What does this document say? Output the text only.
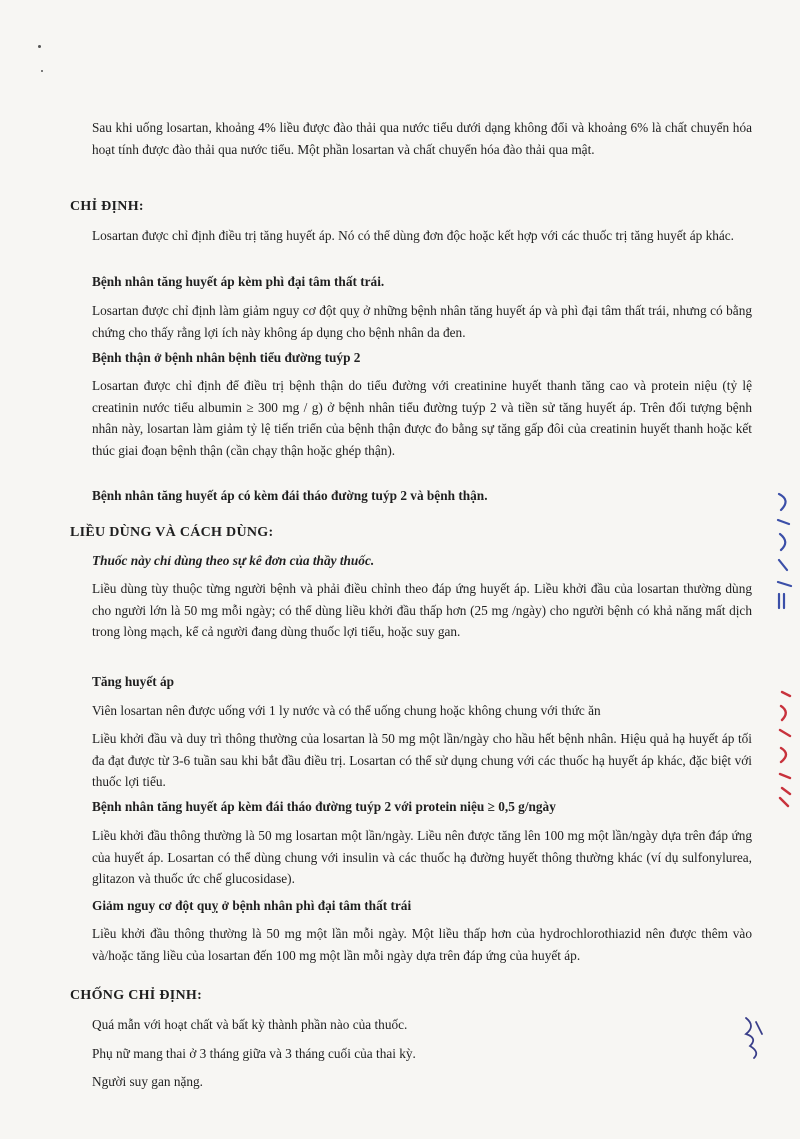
Sau khi uống losartan, khoảng 4% liều được đào thải qua nước tiểu dưới dạng không đổi và khoảng 6% là chất chuyển hóa hoạt tính được đào thải qua nước tiểu. Một phần losartan và chất chuyển hóa đào thải qua mật.

CHỈ ĐỊNH:

Losartan được chỉ định điều trị tăng huyết áp. Nó có thể dùng đơn độc hoặc kết hợp với các thuốc trị tăng huyết áp khác.

Bệnh nhân tăng huyết áp kèm phì đại tâm thất trái.

Losartan được chỉ định làm giảm nguy cơ đột quỵ ở những bệnh nhân tăng huyết áp và phì đại tâm thất trái, nhưng có bằng chứng cho thấy rằng lợi ích này không áp dụng cho bệnh nhân da đen.

Bệnh thận ở bệnh nhân bệnh tiểu đường tuýp 2

Losartan được chỉ định để điều trị bệnh thận do tiểu đường với creatinine huyết thanh tăng cao và protein niệu (tỷ lệ creatinin nước tiểu albumin ≥ 300 mg / g) ở bệnh nhân tiểu đường tuýp 2 và tiền sử tăng huyết áp. Trên đối tượng bệnh nhân này, losartan làm giảm tỷ lệ tiến triển của bệnh thận được đo bằng sự tăng gấp đôi của creatinin huyết thanh hoặc kết thúc giai đoạn bệnh thận (cần chạy thận hoặc ghép thận).

Bệnh nhân tăng huyết áp có kèm đái tháo đường tuýp 2 và bệnh thận.
LIỀU DÙNG VÀ CÁCH DÙNG:
Thuốc này chỉ dùng theo sự kê đơn của thầy thuốc.

Liều dùng tùy thuộc từng người bệnh và phải điều chỉnh theo đáp ứng huyết áp. Liều khởi đầu của losartan thường dùng cho người lớn là 50 mg mỗi ngày; có thể dùng liều khởi đầu thấp hơn (25 mg /ngày) cho người bệnh có khả năng mất dịch trong lòng mạch, kể cả người đang dùng thuốc lợi tiểu, hoặc suy gan.

Tăng huyết áp
Viên losartan nên được uống với 1 ly nước và có thể uống chung hoặc không chung với thức ăn

Liều khởi đầu và duy trì thông thường của losartan là 50 mg một lần/ngày cho hầu hết bệnh nhân. Hiệu quả hạ huyết áp tối đa đạt được từ 3-6 tuần sau khi bắt đầu điều trị. Losartan có thể sử dụng chung với các thuốc hạ huyết áp khác, đặc biệt với thuốc lợi tiểu.

Bệnh nhân tăng huyết áp kèm đái tháo đường tuýp 2 với protein niệu ≥ 0,5 g/ngày

Liều khởi đầu thông thường là 50 mg losartan một lần/ngày. Liều nên được tăng lên 100 mg một lần/ngày dựa trên đáp ứng của huyết áp. Losartan có thể dùng chung với insulin và các thuốc hạ đường huyết thông thường khác (ví dụ sulfonylurea, glitazon và thuốc ức chế glucosidase).

Giảm nguy cơ đột quỵ ở bệnh nhân phì đại tâm thất trái

Liều khởi đầu thông thường là 50 mg một lần mỗi ngày. Một liều thấp hơn của hydrochlorothiazid nên được thêm vào và/hoặc tăng liều của losartan đến 100 mg một lần mỗi ngày dựa trên đáp ứng của huyết áp.

CHỐNG CHỈ ĐỊNH:
Quá mẫn với hoạt chất và bất kỳ thành phần nào của thuốc.
Phụ nữ mang thai ở 3 tháng giữa và 3 tháng cuối của thai kỳ.
Người suy gan nặng.
